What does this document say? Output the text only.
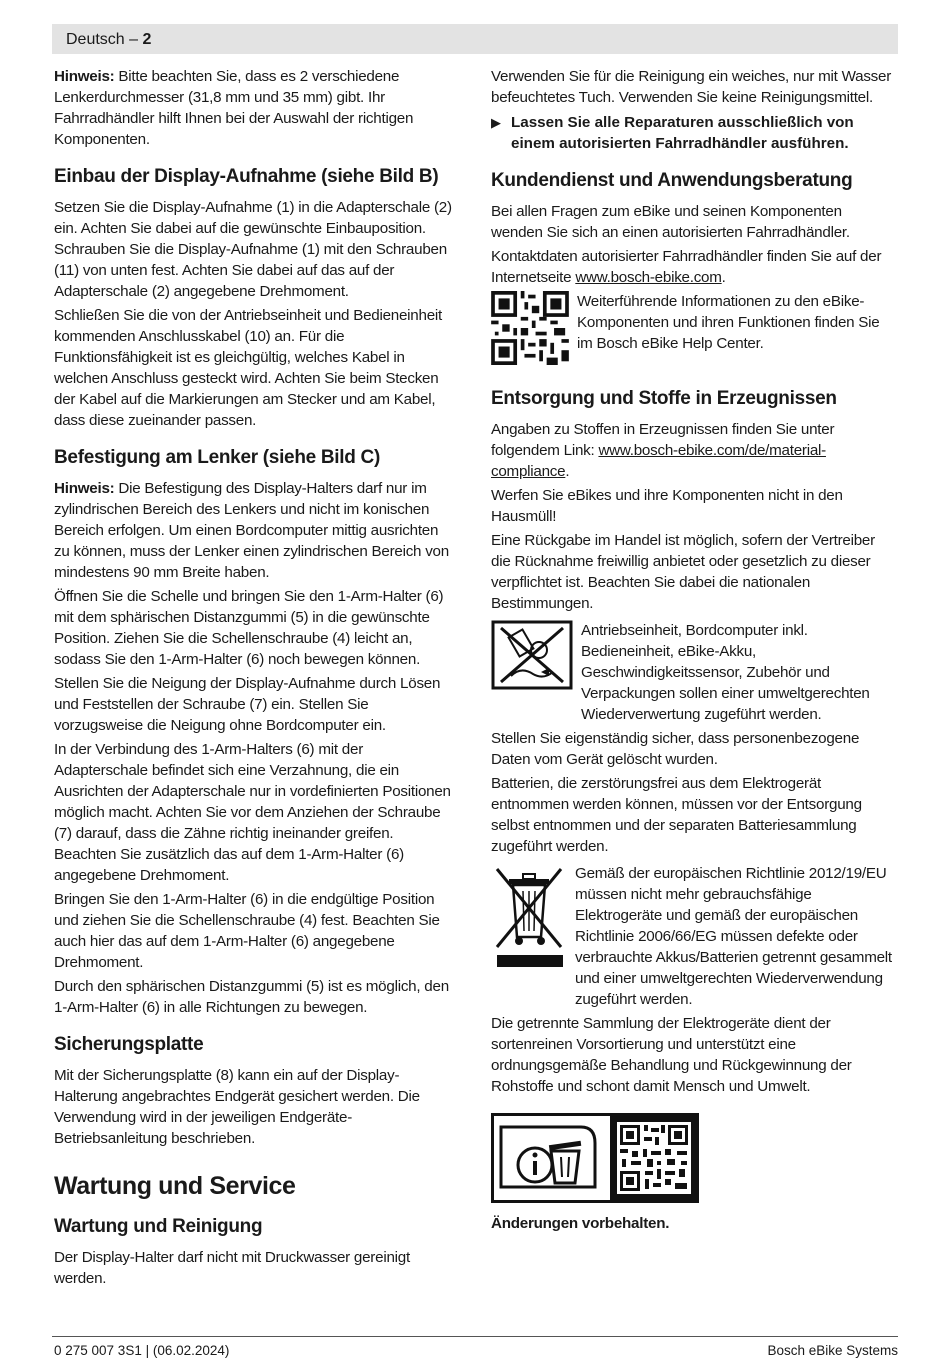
Deutsch – 2

Hinweis: Bitte beachten Sie, dass es 2 verschiedene Lenkerdurchmesser (31,8 mm und 35 mm) gibt. Ihr Fahrradhändler hilft Ihnen bei der Auswahl der richtigen Komponenten.

Einbau der Display-Aufnahme (siehe Bild B)

Setzen Sie die Display-Aufnahme (1) in die Adapterschale (2) ein. Achten Sie dabei auf die gewünschte Einbauposition. Schrauben Sie die Display-Aufnahme (1) mit den Schrauben (11) von unten fest. Achten Sie dabei auf das auf der Adapterschale (2) angegebene Drehmoment.

Schließen Sie die von der Antriebseinheit und Bedieneinheit kommenden Anschlusskabel (10) an. Für die Funktionsfähigkeit ist es gleichgültig, welches Kabel in welchen Anschluss gesteckt wird. Achten Sie beim Stecken der Kabel auf die Markierungen am Stecker und am Kabel, dass diese zueinander passen.

Befestigung am Lenker (siehe Bild C)

Hinweis: Die Befestigung des Display-Halters darf nur im zylindrischen Bereich des Lenkers und nicht im konischen Bereich erfolgen. Um einen Bordcomputer mittig ausrichten zu können, muss der Lenker einen zylindrischen Bereich von mindestens 90 mm Breite haben.

Öffnen Sie die Schelle und bringen Sie den 1-Arm-Halter (6) mit dem sphärischen Distanzgummi (5) in die gewünschte Position. Ziehen Sie die Schellenschraube (4) leicht an, sodass Sie den 1-Arm-Halter (6) noch bewegen können.

Stellen Sie die Neigung der Display-Aufnahme durch Lösen und Feststellen der Schraube (7) ein. Stellen Sie vorzugsweise die Neigung ohne Bordcomputer ein.

In der Verbindung des 1-Arm-Halters (6) mit der Adapterschale befindet sich eine Verzahnung, die ein Ausrichten der Adapterschale nur in vordefinierten Positionen möglich macht. Achten Sie vor dem Anziehen der Schraube (7) darauf, dass die Zähne richtig ineinander greifen. Beachten Sie zusätzlich das auf dem 1-Arm-Halter (6) angegebene Drehmoment.

Bringen Sie den 1-Arm-Halter (6) in die endgültige Position und ziehen Sie die Schellenschraube (4) fest. Beachten Sie auch hier das auf dem 1-Arm-Halter (6) angegebene Drehmoment.

Durch den sphärischen Distanzgummi (5) ist es möglich, den 1-Arm-Halter (6) in alle Richtungen zu bewegen.

Sicherungsplatte

Mit der Sicherungsplatte (8) kann ein auf der Display-Halterung angebrachtes Endgerät gesichert werden. Die Verwendung wird in der jeweiligen Endgeräte-Betriebsanleitung beschrieben.

Wartung und Service
Wartung und Reinigung

Der Display-Halter darf nicht mit Druckwasser gereinigt werden.

Verwenden Sie für die Reinigung ein weiches, nur mit Wasser befeuchtetes Tuch. Verwenden Sie keine Reinigungsmittel.

▶ Lassen Sie alle Reparaturen ausschließlich von einem autorisierten Fahrradhändler ausführen.
Kundendienst und Anwendungsberatung

Bei allen Fragen zum eBike und seinen Komponenten wenden Sie sich an einen autorisierten Fahrradhändler.

Kontaktdaten autorisierter Fahrradhändler finden Sie auf der Internetseite www.bosch-ebike.com.

Weiterführende Informationen zu den eBike-Komponenten und ihren Funktionen finden Sie im Bosch eBike Help Center.

Entsorgung und Stoffe in Erzeugnissen

Angaben zu Stoffen in Erzeugnissen finden Sie unter folgendem Link: www.bosch-ebike.com/de/material-compliance.

Werfen Sie eBikes und ihre Komponenten nicht in den Hausmüll!

Eine Rückgabe im Handel ist möglich, sofern der Vertreiber die Rücknahme freiwillig anbietet oder gesetzlich zu dieser verpflichtet ist. Beachten Sie dabei die nationalen Bestimmungen.

Antriebseinheit, Bordcomputer inkl. Bedieneinheit, eBike-Akku, Geschwindigkeitssensor, Zubehör und Verpackungen sollen einer umweltgerechten Wiederverwertung zugeführt werden.

Stellen Sie eigenständig sicher, dass personenbezogene Daten vom Gerät gelöscht wurden.

Batterien, die zerstörungsfrei aus dem Elektrogerät entnommen werden können, müssen vor der Entsorgung selbst entnommen und der separaten Batteriesammlung zugeführt werden.

Gemäß der europäischen Richtlinie 2012/19/EU müssen nicht mehr gebrauchsfähige Elektrogeräte und gemäß der europäischen Richtlinie 2006/66/EG müssen defekte oder verbrauchte Akkus/Batterien getrennt gesammelt und einer umweltgerechten Wiederverwendung zugeführt werden.

Die getrennte Sammlung der Elektrogeräte dient der sortenreinen Vorsortierung und unterstützt eine ordnungsgemäße Behandlung und Rückgewinnung der Rohstoffe und schont damit Mensch und Umwelt.

Änderungen vorbehalten.

0 275 007 3S1 | (06.02.2024)	Bosch eBike Systems
